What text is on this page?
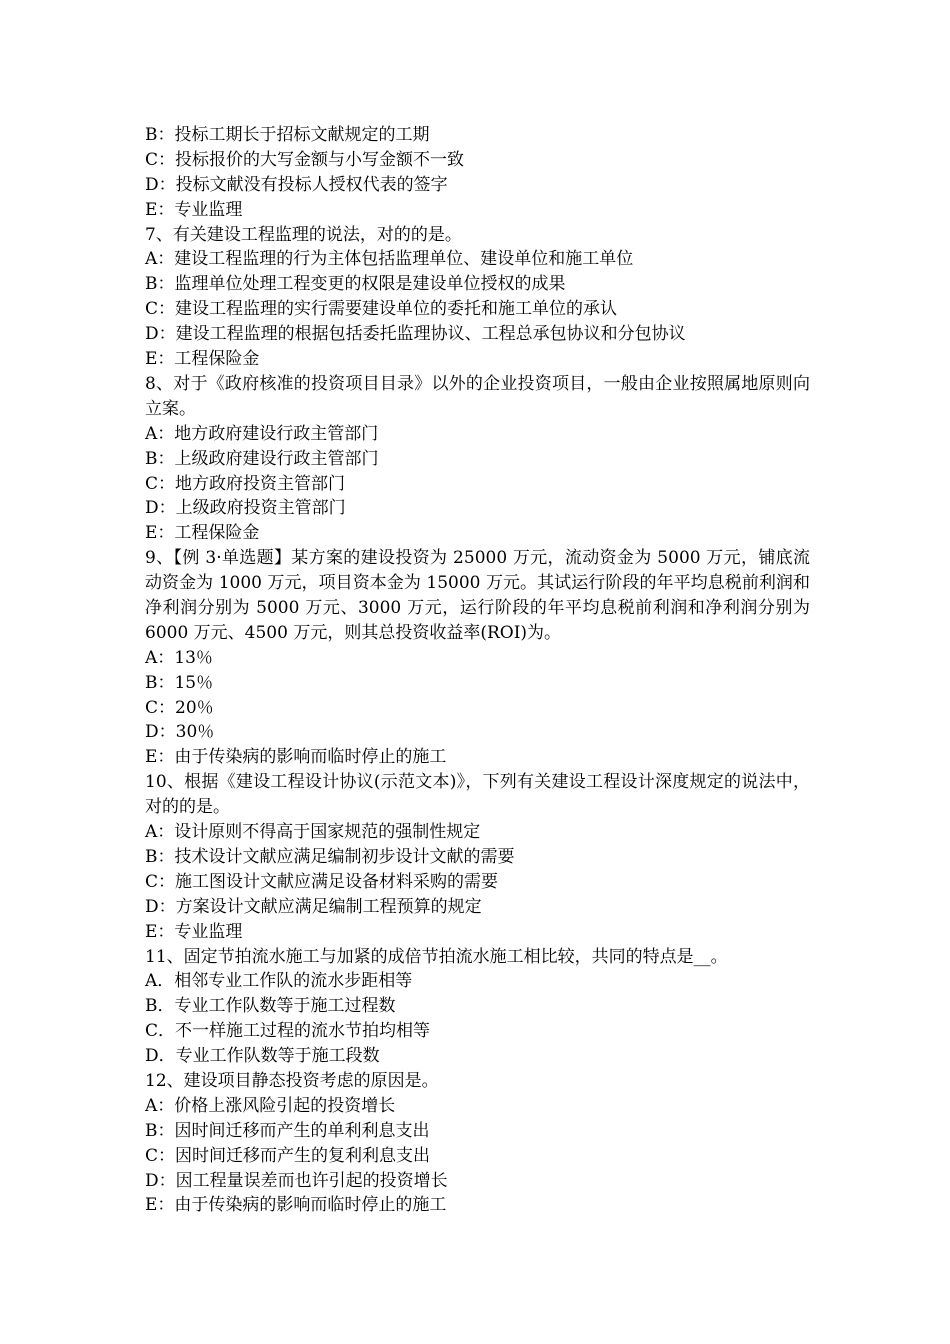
B：投标工期长于招标文献规定的工期
C：投标报价的大写金额与小写金额不一致
D：投标文献没有投标人授权代表的签字
E：专业监理
7、有关建设工程监理的说法，对的的是。
A：建设工程监理的行为主体包括监理单位、建设单位和施工单位
B：监理单位处理工程变更的权限是建设单位授权的成果
C：建设工程监理的实行需要建设单位的委托和施工单位的承认
D：建设工程监理的根据包括委托监理协议、工程总承包协议和分包协议
E：工程保险金
8、对于《政府核准的投资项目目录》以外的企业投资项目，一般由企业按照属地原则向立案。
A：地方政府建设行政主管部门
B：上级政府建设行政主管部门
C：地方政府投资主管部门
D：上级政府投资主管部门
E：工程保险金
9、【例 3·单选题】某方案的建设投资为 25000 万元，流动资金为 5000 万元，铺底流动资金为 1000 万元，项目资本金为 15000 万元。其试运行阶段的年平均息税前利润和净利润分别为 5000 万元、3000 万元，运行阶段的年平均息税前利润和净利润分别为 6000 万元、4500 万元，则其总投资收益率(ROI)为。
A：13％
B：15％
C：20％
D：30％
E：由于传染病的影响而临时停止的施工
10、根据《建设工程设计协议(示范文本)》，下列有关建设工程设计深度规定的说法中，对的的是。
A：设计原则不得高于国家规范的强制性规定
B：技术设计文献应满足编制初步设计文献的需要
C：施工图设计文献应满足设备材料采购的需要
D：方案设计文献应满足编制工程预算的规定
E：专业监理
11、固定节拍流水施工与加紧的成倍节拍流水施工相比较，共同的特点是__。
A．相邻专业工作队的流水步距相等
B．专业工作队数等于施工过程数
C．不一样施工过程的流水节拍均相等
D．专业工作队数等于施工段数
12、建设项目静态投资考虑的原因是。
A：价格上涨风险引起的投资增长
B：因时间迁移而产生的单利利息支出
C：因时间迁移而产生的复利利息支出
D：因工程量误差而也许引起的投资增长
E：由于传染病的影响而临时停止的施工
